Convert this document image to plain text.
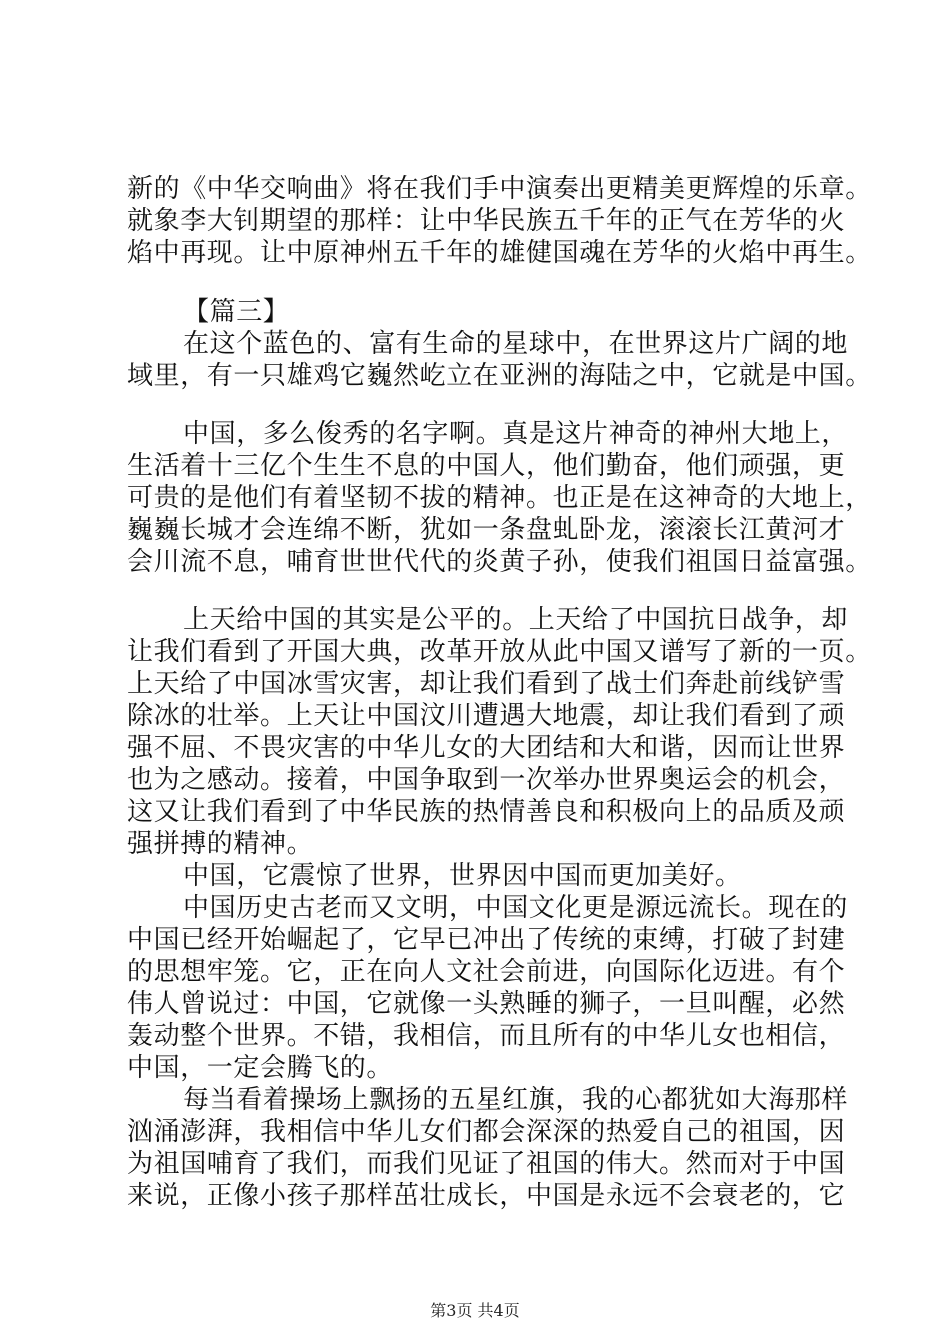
新的《中华交响曲》将在我们手中演奏出更精美更辉煌的乐章。
就象李大钊期望的那样：让中华民族五千年的正气在芳华的火
焰中再现。让中原神州五千年的雄健国魂在芳华的火焰中再生。
【篇三】
在这个蓝色的、富有生命的星球中，在世界这片广阔的地
域里，有一只雄鸡它巍然屹立在亚洲的海陆之中，它就是中国。
中国，多么俊秀的名字啊。真是这片神奇的神州大地上，
生活着十三亿个生生不息的中国人，他们勤奋，他们顽强，更
可贵的是他们有着坚韧不拔的精神。也正是在这神奇的大地上，
巍巍长城才会连绵不断，犹如一条盘虬卧龙，滚滚长江黄河才
会川流不息，哺育世世代代的炎黄子孙，使我们祖国日益富强。
上天给中国的其实是公平的。上天给了中国抗日战争，却
让我们看到了开国大典，改革开放从此中国又谱写了新的一页。
上天给了中国冰雪灾害，却让我们看到了战士们奔赴前线铲雪
除冰的壮举。上天让中国汶川遭遇大地震，却让我们看到了顽
强不屈、不畏灾害的中华儿女的大团结和大和谐，因而让世界
也为之感动。接着，中国争取到一次举办世界奥运会的机会，
这又让我们看到了中华民族的热情善良和积极向上的品质及顽
强拼搏的精神。
中国，它震惊了世界，世界因中国而更加美好。
中国历史古老而又文明，中国文化更是源远流长。现在的
中国已经开始崛起了，它早已冲出了传统的束缚，打破了封建
的思想牢笼。它，正在向人文社会前进，向国际化迈进。有个
伟人曾说过：中国，它就像一头熟睡的狮子，一旦叫醒，必然
轰动整个世界。不错，我相信，而且所有的中华儿女也相信，
中国，一定会腾飞的。
每当看着操场上飘扬的五星红旗，我的心都犹如大海那样
汹涌澎湃，我相信中华儿女们都会深深的热爱自己的祖国，因
为祖国哺育了我们，而我们见证了祖国的伟大。然而对于中国
来说，正像小孩子那样茁壮成长，中国是永远不会衰老的，它
第3页 共4页
